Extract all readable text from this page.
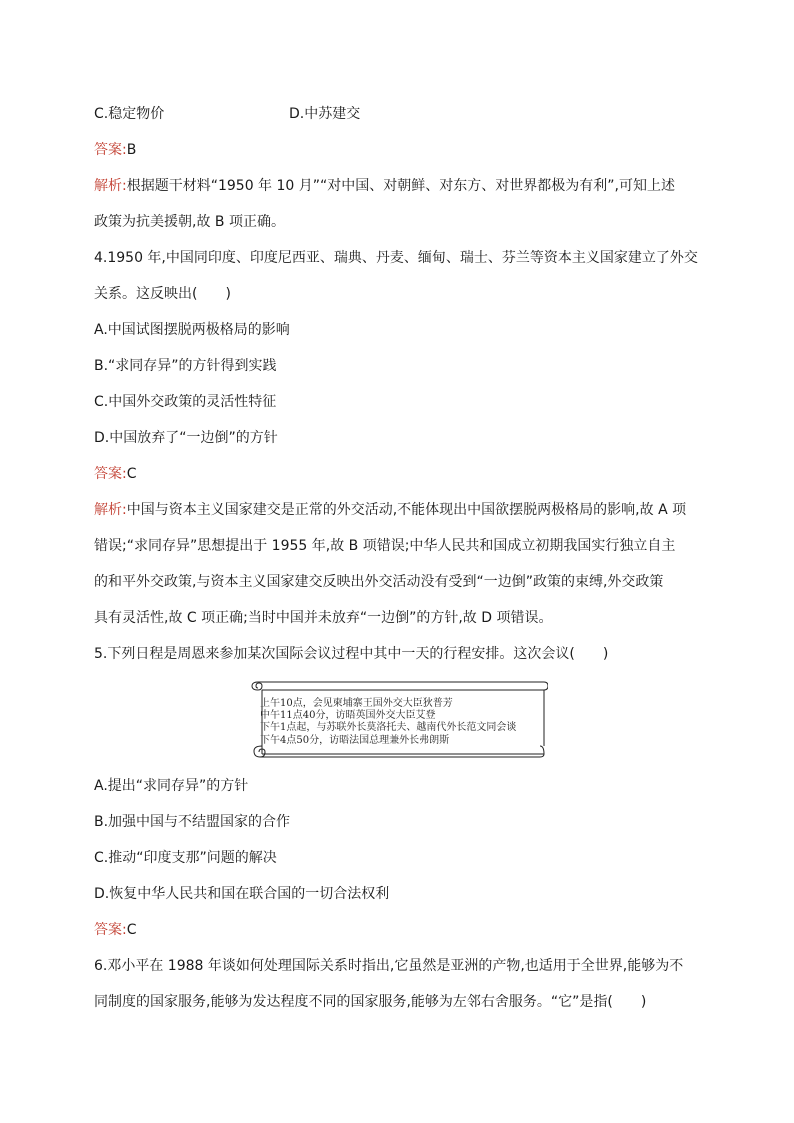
C.稳定物价	D.中苏建交
答案:B
解析:根据题干材料“1950 年 10 月”“对中国、对朝鲜、对东方、对世界都极为有利”,可知上述
政策为抗美援朝,故 B 项正确。
4.1950 年,中国同印度、印度尼西亚、瑞典、丹麦、缅甸、瑞士、芬兰等资本主义国家建立了外交
关系。这反映出(　　)
A.中国试图摆脱两极格局的影响
B.“求同存异”的方针得到实践
C.中国外交政策的灵活性特征
D.中国放弃了“一边倒”的方针
答案:C
解析:中国与资本主义国家建交是正常的外交活动,不能体现出中国欲摆脱两极格局的影响,故 A 项
错误;“求同存异”思想提出于 1955 年,故 B 项错误;中华人民共和国成立初期我国实行独立自主
的和平外交政策,与资本主义国家建交反映出外交活动没有受到“一边倒”政策的束缚,外交政策
具有灵活性,故 C 项正确;当时中国并未放弃“一边倒”的方针,故 D 项错误。
5.下列日程是周恩来参加某次国际会议过程中其中一天的行程安排。这次会议(　　)
上午10点，会见柬埔寨王国外交大臣狄普芳
中午11点40分，访晤英国外交大臣艾登
下午1点起，与苏联外长莫洛托夫、越南代外长范文同会谈
下午4点50分，访晤法国总理兼外长弗朗斯
A.提出“求同存异”的方针
B.加强中国与不结盟国家的合作
C.推动“印度支那”问题的解决
D.恢复中华人民共和国在联合国的一切合法权利
答案:C
6.邓小平在 1988 年谈如何处理国际关系时指出,它虽然是亚洲的产物,也适用于全世界,能够为不
同制度的国家服务,能够为发达程度不同的国家服务,能够为左邻右舍服务。“它”是指(　　)
